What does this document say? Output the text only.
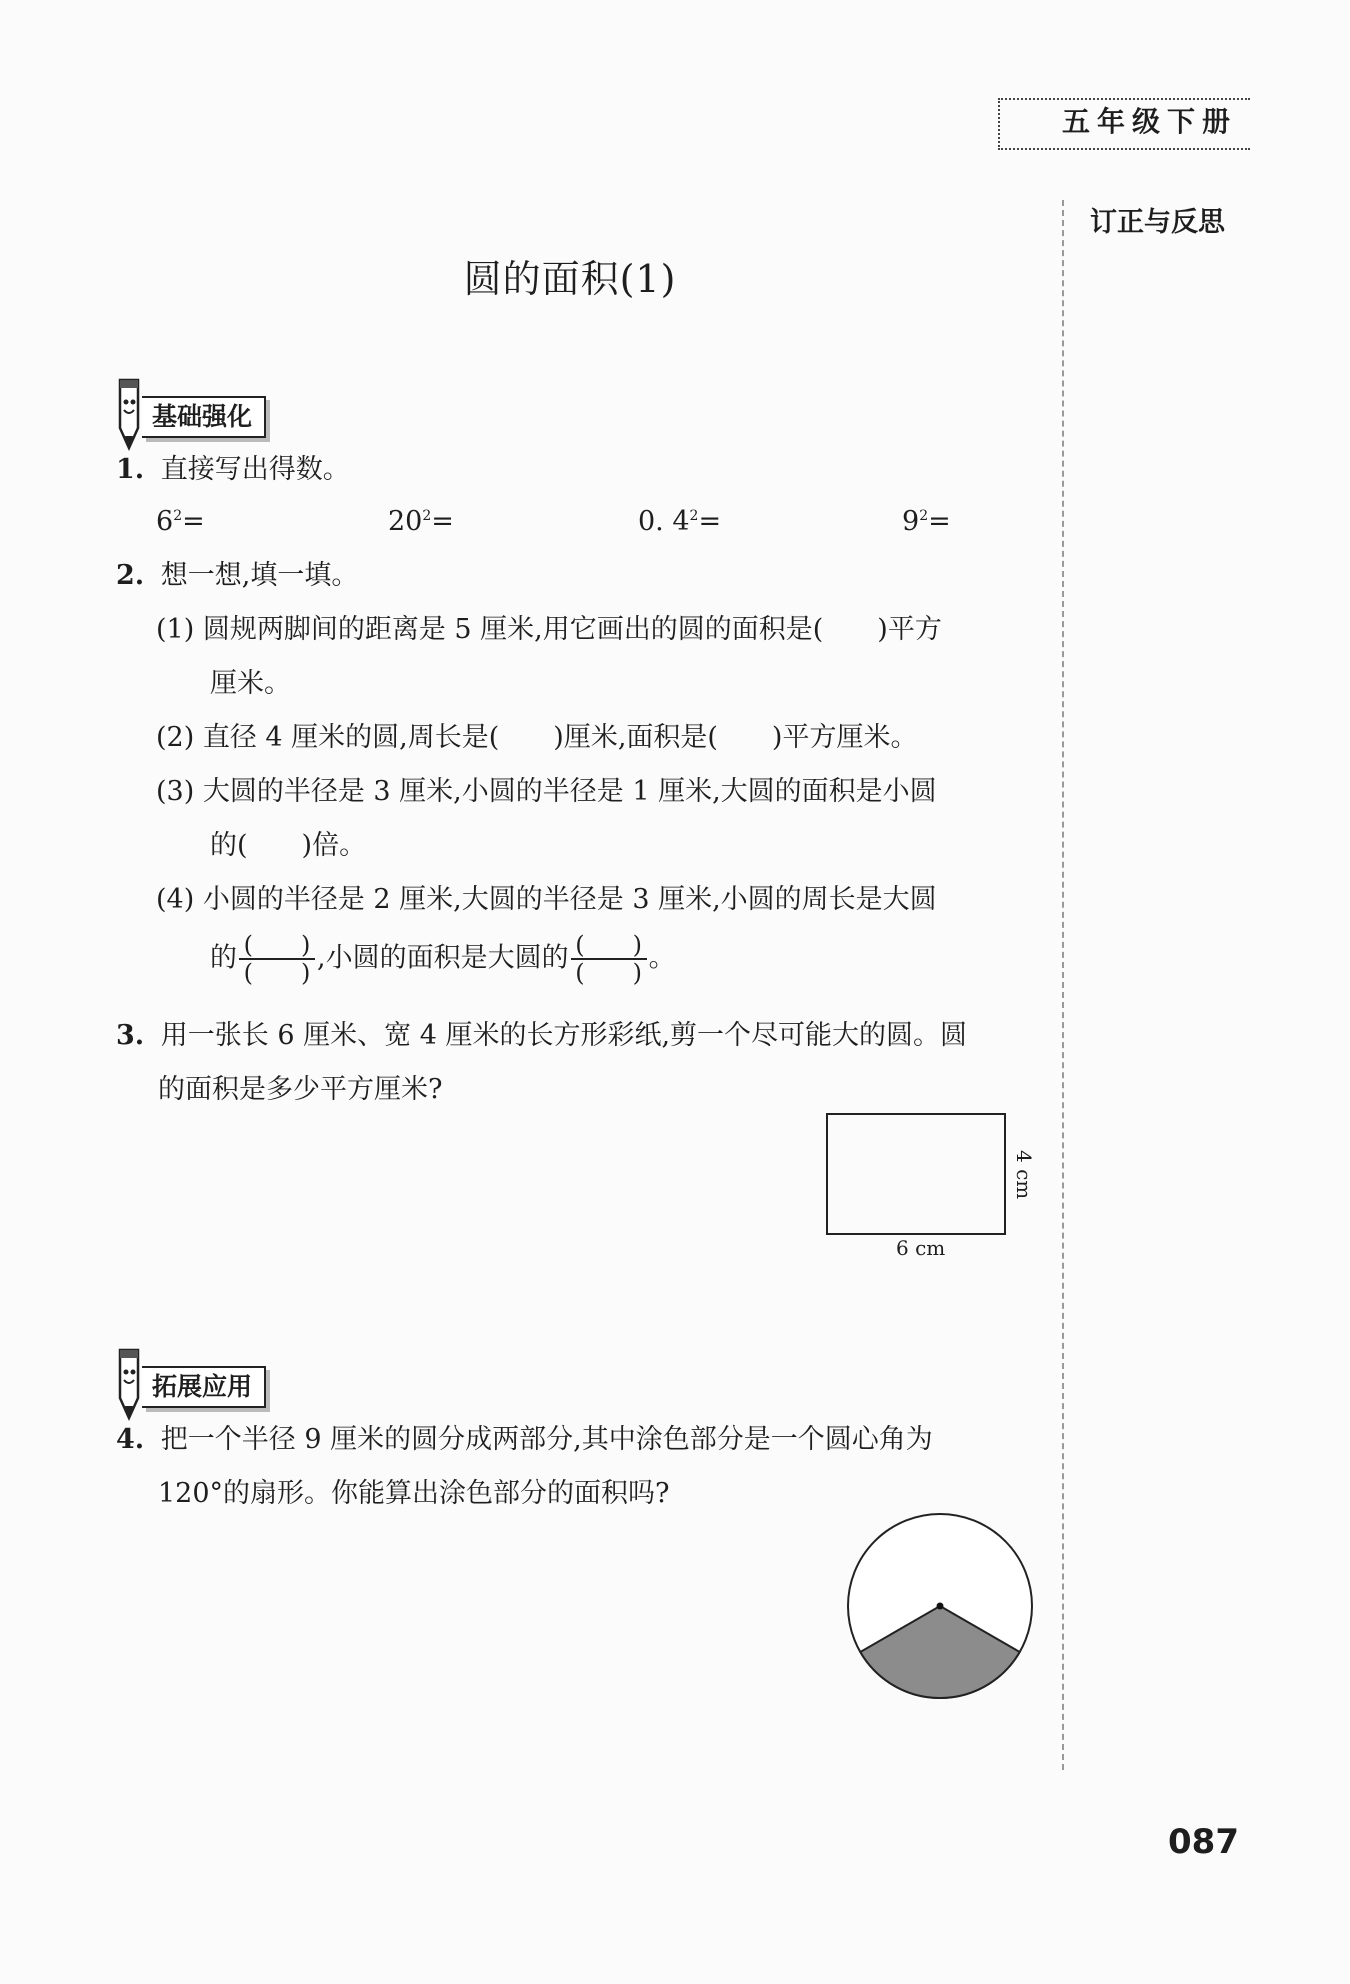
五年级下册
订正与反思
圆的面积(1)
基础强化
1. 直接写出得数。
$6^2=$	$20^2=$	0. $4^2=$	$9^2=$
2. 想一想,填一填。
(1) 圆规两脚间的距离是 5 厘米,用它画出的圆的面积是(　　)平方
厘米。
(2) 直径 4 厘米的圆,周长是(　　)厘米,面积是(　　)平方厘米。
(3) 大圆的半径是 3 厘米,小圆的半径是 1 厘米,大圆的面积是小圆
的(　　)倍。
(4) 小圆的半径是 2 厘米,大圆的半径是 3 厘米,小圆的周长是大圆
的 $\frac{( )}{( )}$ ,小圆的面积是大圆的 $\frac{( )}{( )}$ 。
3. 用一张长 6 厘米、宽 4 厘米的长方形彩纸,剪一个尽可能大的圆。圆
的面积是多少平方厘米?
6 cm
4 cm
拓展应用
4. 把一个半径 9 厘米的圆分成两部分,其中涂色部分是一个圆心角为
120°的扇形。你能算出涂色部分的面积吗?
087
